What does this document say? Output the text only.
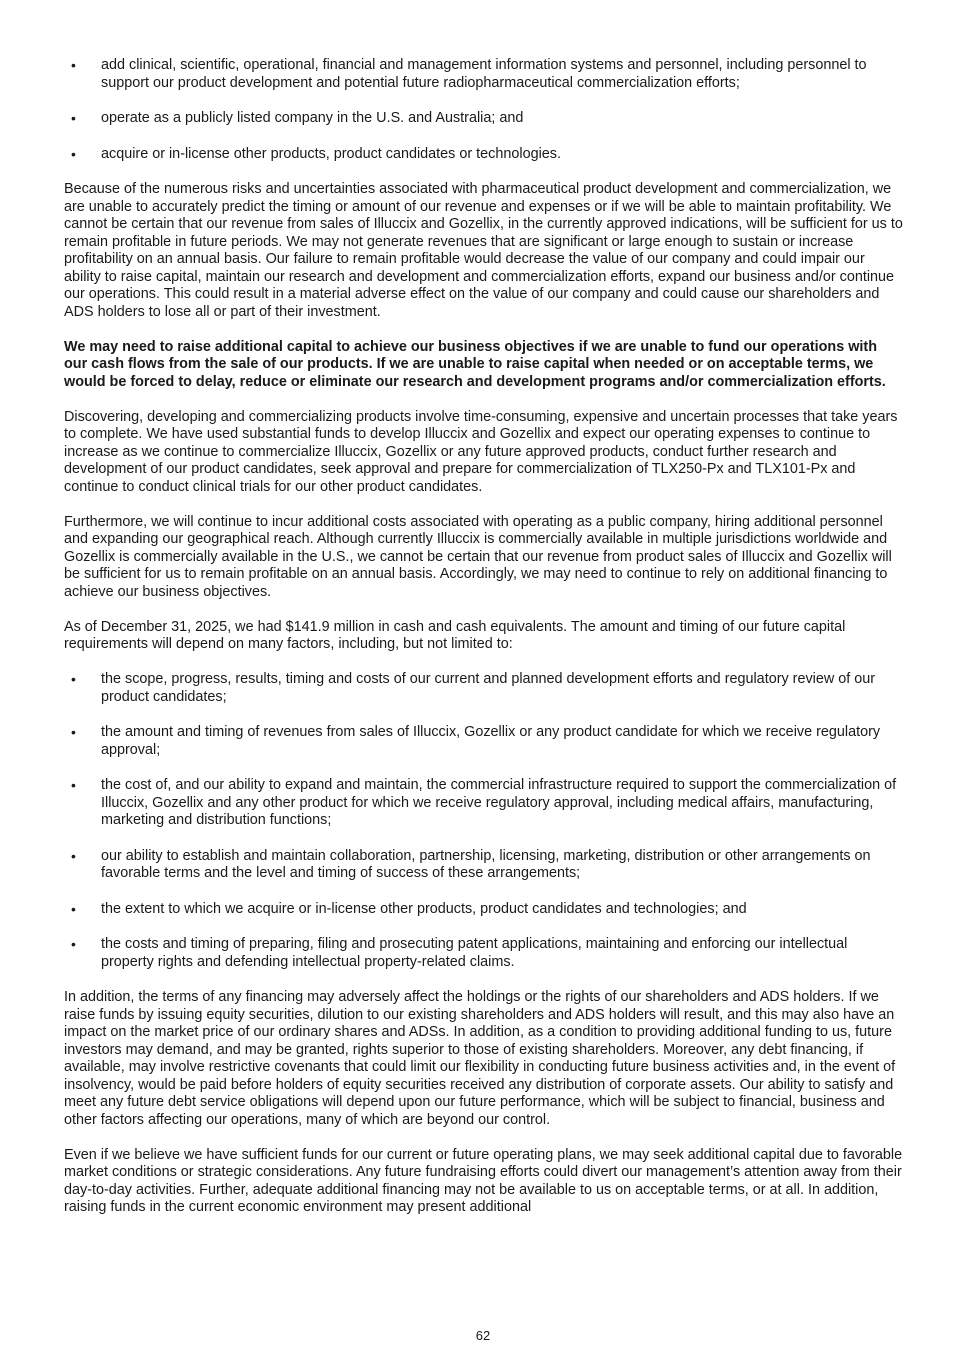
• add clinical, scientific, operational, financial and management information systems and personnel, including personnel to support our product development and potential future radiopharmaceutical commercialization efforts;
• operate as a publicly listed company in the U.S. and Australia; and
• acquire or in-license other products, product candidates or technologies.

Because of the numerous risks and uncertainties associated with pharmaceutical product development and commercialization, we are unable to accurately predict the timing or amount of our revenue and expenses or if we will be able to maintain profitability. We cannot be certain that our revenue from sales of Illuccix and Gozellix, in the currently approved indications, will be sufficient for us to remain profitable in future periods. We may not generate revenues that are significant or large enough to sustain or increase profitability on an annual basis. Our failure to remain profitable would decrease the value of our company and could impair our ability to raise capital, maintain our research and development and commercialization efforts, expand our business and/or continue our operations. This could result in a material adverse effect on the value of our company and could cause our shareholders and ADS holders to lose all or part of their investment.

We may need to raise additional capital to achieve our business objectives if we are unable to fund our operations with our cash flows from the sale of our products. If we are unable to raise capital when needed or on acceptable terms, we would be forced to delay, reduce or eliminate our research and development programs and/or commercialization efforts.

Discovering, developing and commercializing products involve time-consuming, expensive and uncertain processes that take years to complete. We have used substantial funds to develop Illuccix and Gozellix and expect our operating expenses to continue to increase as we continue to commercialize Illuccix, Gozellix or any future approved products, conduct further research and development of our product candidates, seek approval and prepare for commercialization of TLX250-Px and TLX101-Px and continue to conduct clinical trials for our other product candidates.

Furthermore, we will continue to incur additional costs associated with operating as a public company, hiring additional personnel and expanding our geographical reach. Although currently Illuccix is commercially available in multiple jurisdictions worldwide and Gozellix is commercially available in the U.S., we cannot be certain that our revenue from product sales of Illuccix and Gozellix will be sufficient for us to remain profitable on an annual basis. Accordingly, we may need to continue to rely on additional financing to achieve our business objectives.

As of December 31, 2025, we had $141.9 million in cash and cash equivalents. The amount and timing of our future capital requirements will depend on many factors, including, but not limited to:

• the scope, progress, results, timing and costs of our current and planned development efforts and regulatory review of our product candidates;
• the amount and timing of revenues from sales of Illuccix, Gozellix or any product candidate for which we receive regulatory approval;
• the cost of, and our ability to expand and maintain, the commercial infrastructure required to support the commercialization of Illuccix, Gozellix and any other product for which we receive regulatory approval, including medical affairs, manufacturing, marketing and distribution functions;
• our ability to establish and maintain collaboration, partnership, licensing, marketing, distribution or other arrangements on favorable terms and the level and timing of success of these arrangements;
• the extent to which we acquire or in-license other products, product candidates and technologies; and
• the costs and timing of preparing, filing and prosecuting patent applications, maintaining and enforcing our intellectual property rights and defending intellectual property-related claims.

In addition, the terms of any financing may adversely affect the holdings or the rights of our shareholders and ADS holders. If we raise funds by issuing equity securities, dilution to our existing shareholders and ADS holders will result, and this may also have an impact on the market price of our ordinary shares and ADSs. In addition, as a condition to providing additional funding to us, future investors may demand, and may be granted, rights superior to those of existing shareholders. Moreover, any debt financing, if available, may involve restrictive covenants that could limit our flexibility in conducting future business activities and, in the event of insolvency, would be paid before holders of equity securities received any distribution of corporate assets. Our ability to satisfy and meet any future debt service obligations will depend upon our future performance, which will be subject to financial, business and other factors affecting our operations, many of which are beyond our control.

Even if we believe we have sufficient funds for our current or future operating plans, we may seek additional capital due to favorable market conditions or strategic considerations. Any future fundraising efforts could divert our management’s attention away from their day-to-day activities. Further, adequate additional financing may not be available to us on acceptable terms, or at all. In addition, raising funds in the current economic environment may present additional

62
